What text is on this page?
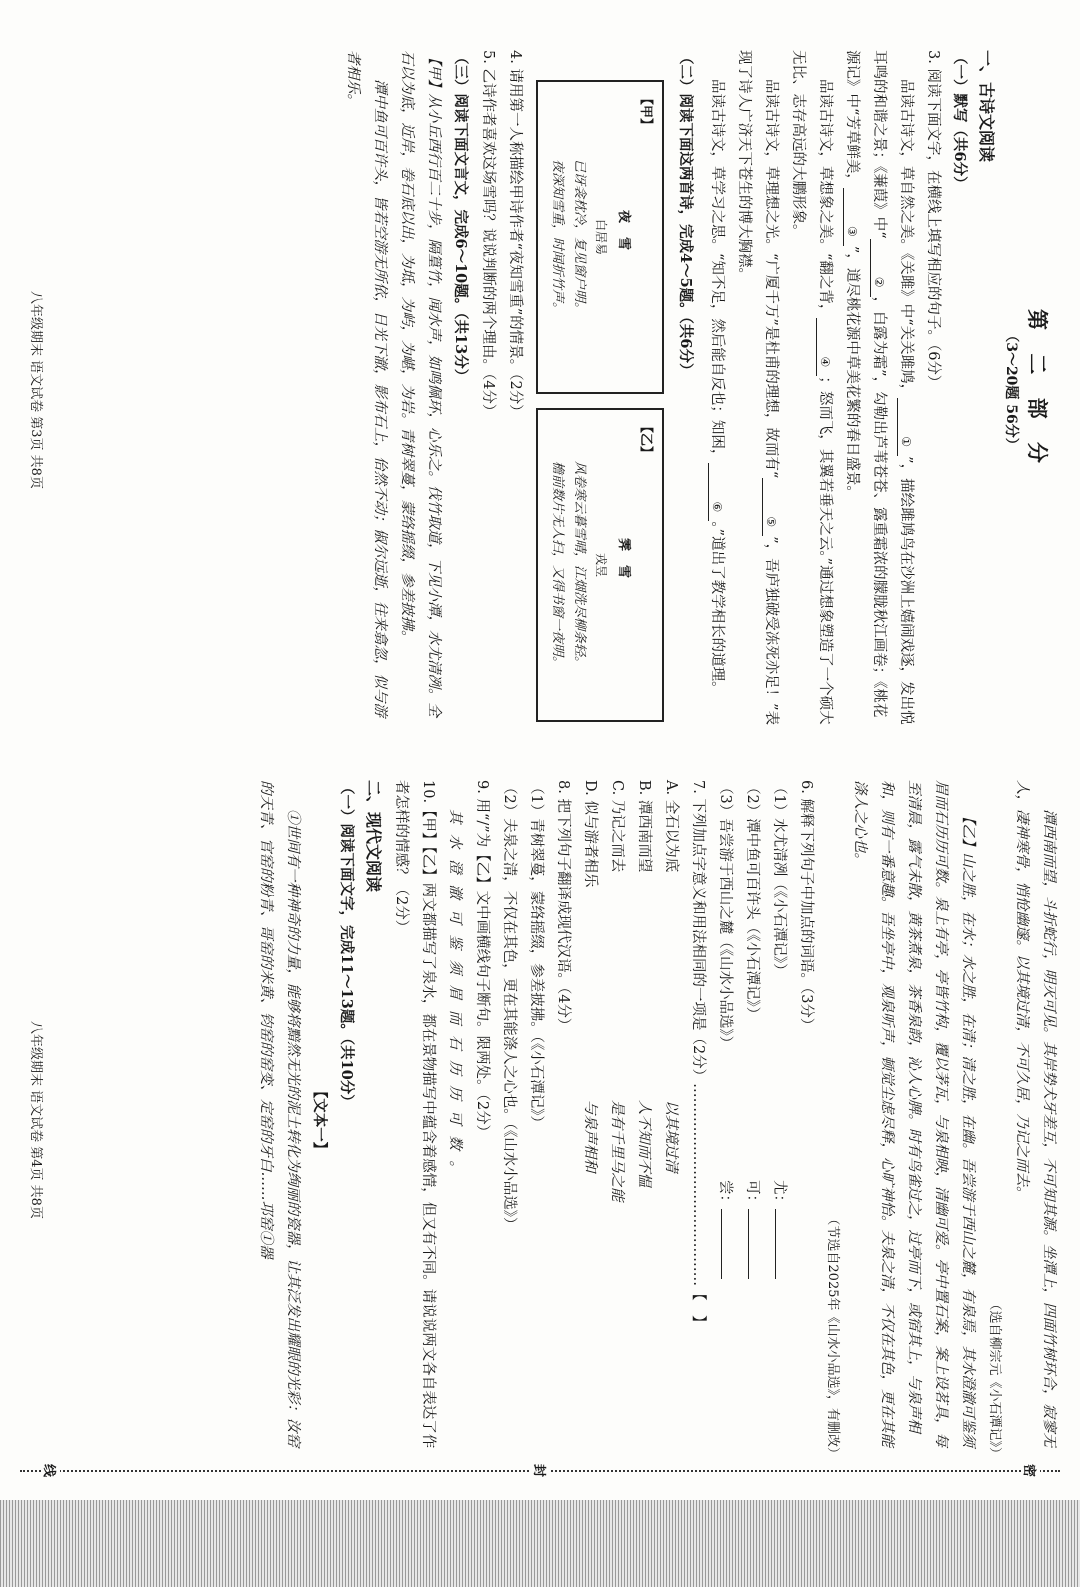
第 二 部 分
（3～20题 56分）

一、古诗文阅读

（一）默写（共6分）

3. 阅读下面文字，在横线上填写相应的句子。（6分）

品读古诗文，草自然之美。《关雎》中“关关雎鸠，①”，描绘雎鸠鸟在沙洲上嬉闹戏逐，发出悦耳鸣的和谐之景；《蒹葭》中“②，白露为霜”，勾勒出芦苇苍苍、露重霜浓的朦胧秋江画卷；《桃花源记》中“芳草鲜美，③”，道尽桃花源中草美花繁的春日盛景。

品读古诗文，草想象之美。“翻之背，④；怒而飞，其翼若垂天之云。”通过想象塑造了一个硕大无比、志存高远的大鹏形象。

品读古诗文，草理想之光。“广厦千万”是杜甫的理想，故而有“⑤”，吾庐独破受冻死亦足！”表现了诗人广济天下苍生的博大胸襟。

品读古诗文，草学习之思。“知不足，然后能自反也；知困，⑥。”道出了教学相长的道理。

（二）阅读下面这两首诗，完成4～5题。（共6分）

【甲】
夜雪
白居易
已讶衾枕冷，复见窗户明。
夜深知雪重，时闻折竹声。
【乙】
霁雪
戎昱
风卷寒云暮雪晴，江烟洗尽柳条轻。
檐前数片无人扫，又得书窗一夜明。

4. 请用第一人称描绘甲诗作者“夜知雪重”的情景。（2分）

5. 乙诗作者喜欢这场雪吗？说说判断的两个理由。（4分）

（三）阅读下面文言文，完成6～10题。（共13分）

【甲】从小丘西行百二十步，隔篁竹，闻水声，如鸣佩环，心乐之。伐竹取道，下见小潭，水尤清冽。全石以为底，近岸，卷石底以出，为坻，为屿，为嵁，为岩。青树翠蔓，蒙络摇缀，参差披拂。

潭中鱼可百许头，皆若空游无所依，日光下澈，影布石上，佁然不动；俶尔远逝，往来翕忽，似与游者相乐。

八年级期末 语文试卷 第3页 共8页

潭西南而望，斗折蛇行，明灭可见。其岸势犬牙差互，不可知其源。坐潭上，四面竹树环合，寂寥无人，凄神寒骨，悄怆幽邃。以其境过清，不可久居，乃记之而去。

（选自柳宗元《小石潭记》）

【乙】山之胜，在水；水之胜，在清；清之胜，在幽。吾尝游于西山之麓，有泉焉，其水澄澈可鉴须眉而石历历可数。泉上有亭，亭皆竹构，覆以茅瓦，与泉相映，清幽可爱。亭中置石案，案上设茗具，每至清晨，露气未散，黄茶煮泉，茶香泉韵，沁人心脾。时有鸟雀过之，过亭而下，或宿其上，与泉声相和，则有一番意趣。吾坐亭中，观泉听声，顿觉尘虑尽释，心旷神怡。夫泉之清，不仅在其色，更在其能涤人之心也。

（节选自2025年《山水小品选》，有删改）

6. 解释下列句子中加点的词语。（3分）

（1）水尤清冽（《小石潭记》）
尤：
（2）潭中鱼可百许头（《小石潭记》）
可：
（3）吾尝游于西山之麓（《山水小品选》）
尝：

7. 下列加点字意义和用法相同的一项是（2分）……………………………………【　】

A. 全石以为底
以其境过清
B. 潭西南而望
人不知而不愠
C. 乃记之而去
是有千里马之能
D. 似与游者相乐
与泉声相和

8. 把下列句子翻译成现代汉语。（4分）

（1）青树翠蔓，蒙络摇缀，参差披拂。（《小石潭记》）

（2）夫泉之清，不仅在其色，更在其能涤人之心也。（《山水小品选》）

9. 用“/”为【乙】文中画横线句子断句。限两处。（2分）

其 水 澄 澈 可 鉴 须 眉 而 石 历 历 可 数 。

10.【甲】【乙】两文都描写了泉水，都在景物描写中蕴含着感情，但又有不同。请说说两文各自表达了作者怎样的情感？（2分）

二、现代文阅读

（一）阅读下面文字，完成11～13题。（共10分）

【文本一】

①世间有一种神奇的力量，能够将黯然无光的泥土转化为绚丽的瓷器，让其泛发出耀眼的光彩：汝窑的天青、官窑的粉青、哥窑的米黄、钧窑的窑变、定窑的牙白……邛窑①器

八年级期末 语文试卷 第4页 共8页
密
封
线
